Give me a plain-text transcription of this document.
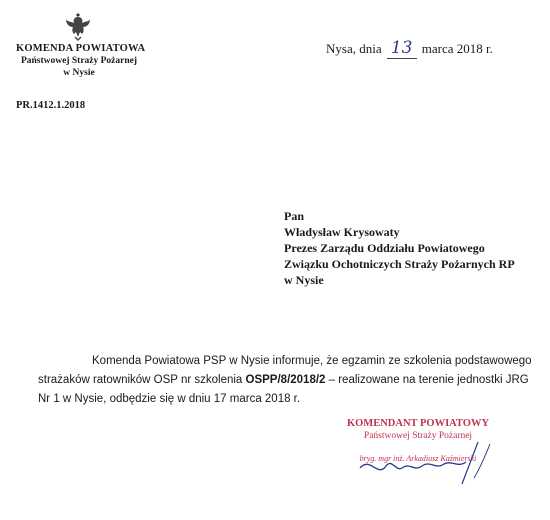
KOMENDA POWIATOWA
Państwowej Straży Pożarnej
w Nysie
PR.1412.1.2018
Nysa, dnia 13 marca 2018 r.
Pan
Władysław Krysowaty
Prezes Zarządu Oddziału Powiatowego
Związku Ochotniczych Straży Pożarnych RP
w Nysie
Komenda Powiatowa PSP w Nysie informuje, że egzamin ze szkolenia podstawowego strażaków ratowników OSP nr szkolenia OSPP/8/2018/2 – realizowane na terenie jednostki JRG Nr 1 w Nysie, odbędzie się w dniu 17 marca 2018 r.
KOMENDANT POWIATOWY
Państwowej Straży Pożarnej
bryg. mgr inż. Arkadiusz Kaźmierski
